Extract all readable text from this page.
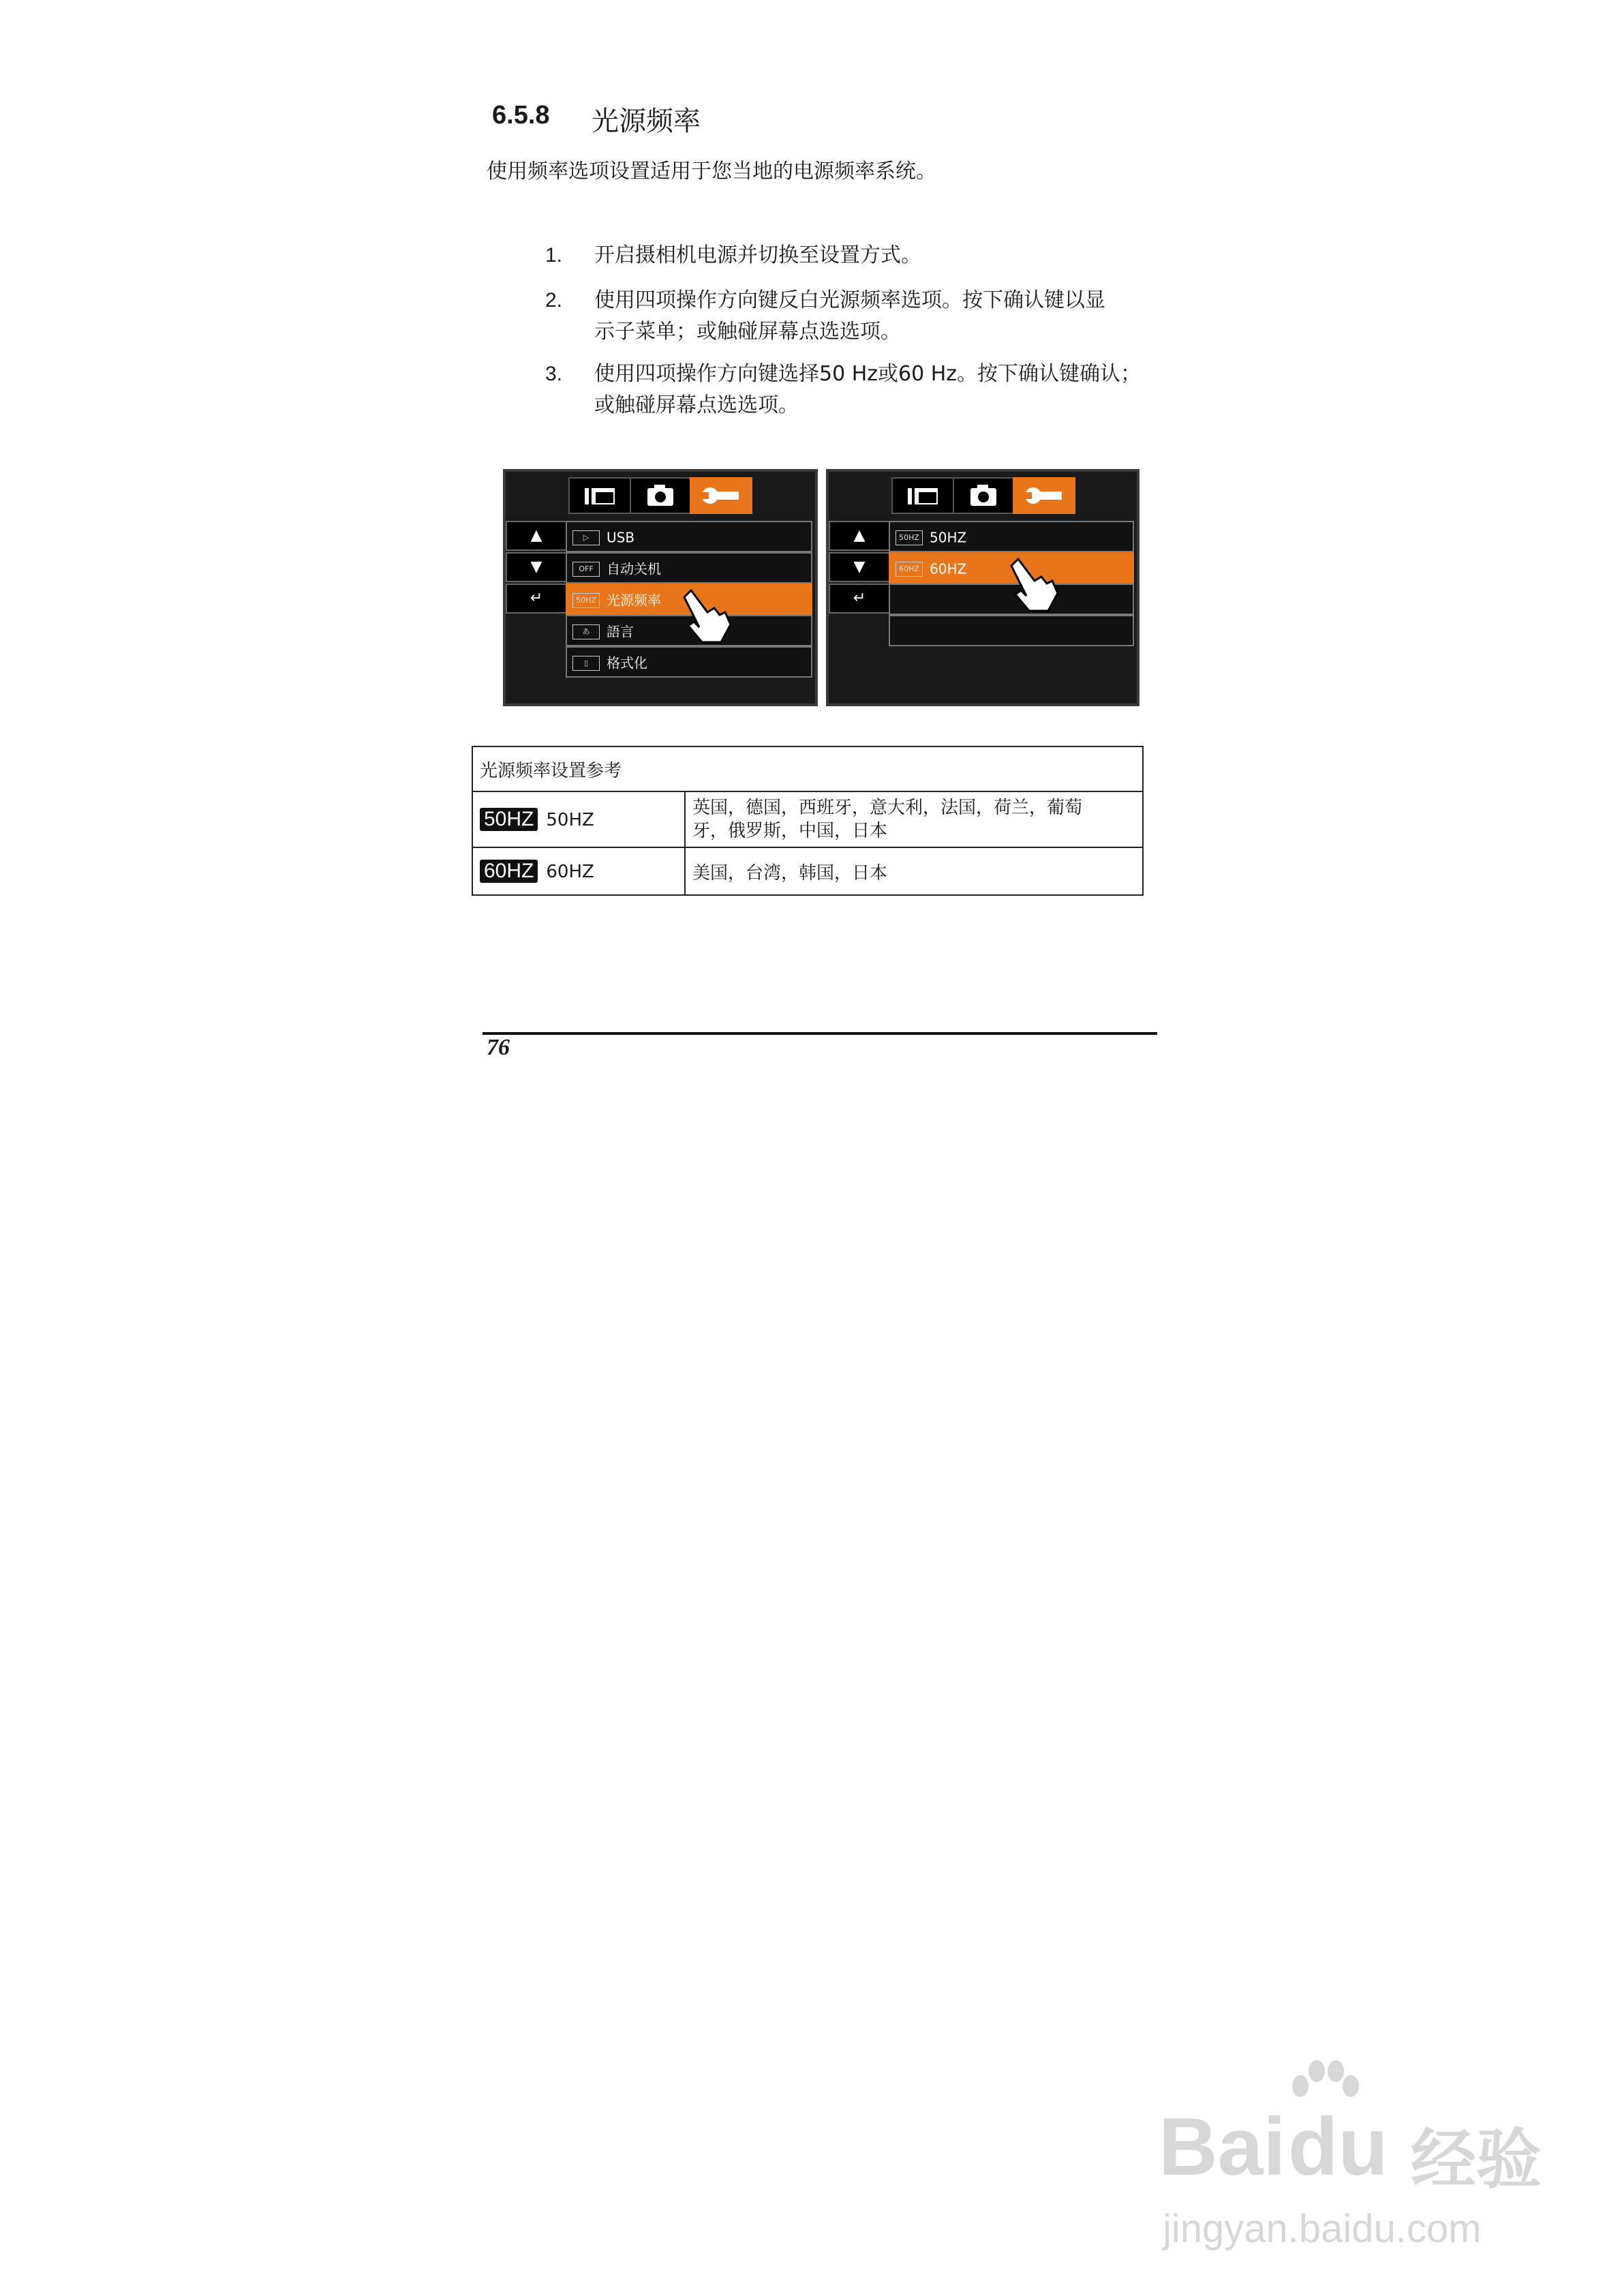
6.5.8 光源频率
使用频率选项设置适用于您当地的电源频率系统。
1. 开启摄相机电源并切换至设置方式。
2. 使用四项操作方向键反白光源频率选项。按下确认键以显
示子菜单；或触碰屏幕点选选项。
3. 使用四项操作方向键选择50 Hz或60 Hz。按下确认键确认；
或触碰屏幕点选选项。
▲
▼
↵
▷ USB
OFF 自动关机
50HZ 光源频率
あ 語言
▯ 格式化
▲
▼
↵
50HZ 50HZ
60HZ 60HZ
光源频率设置参考	
50HZ 50HZ	英国，德国，西班牙，意大利，法国，荷兰，葡萄
牙，俄罗斯，中国，日本

60HZ 60HZ	美国，台湾，韩国，日本
76
Bai du 经验
jingyan.baidu.com
